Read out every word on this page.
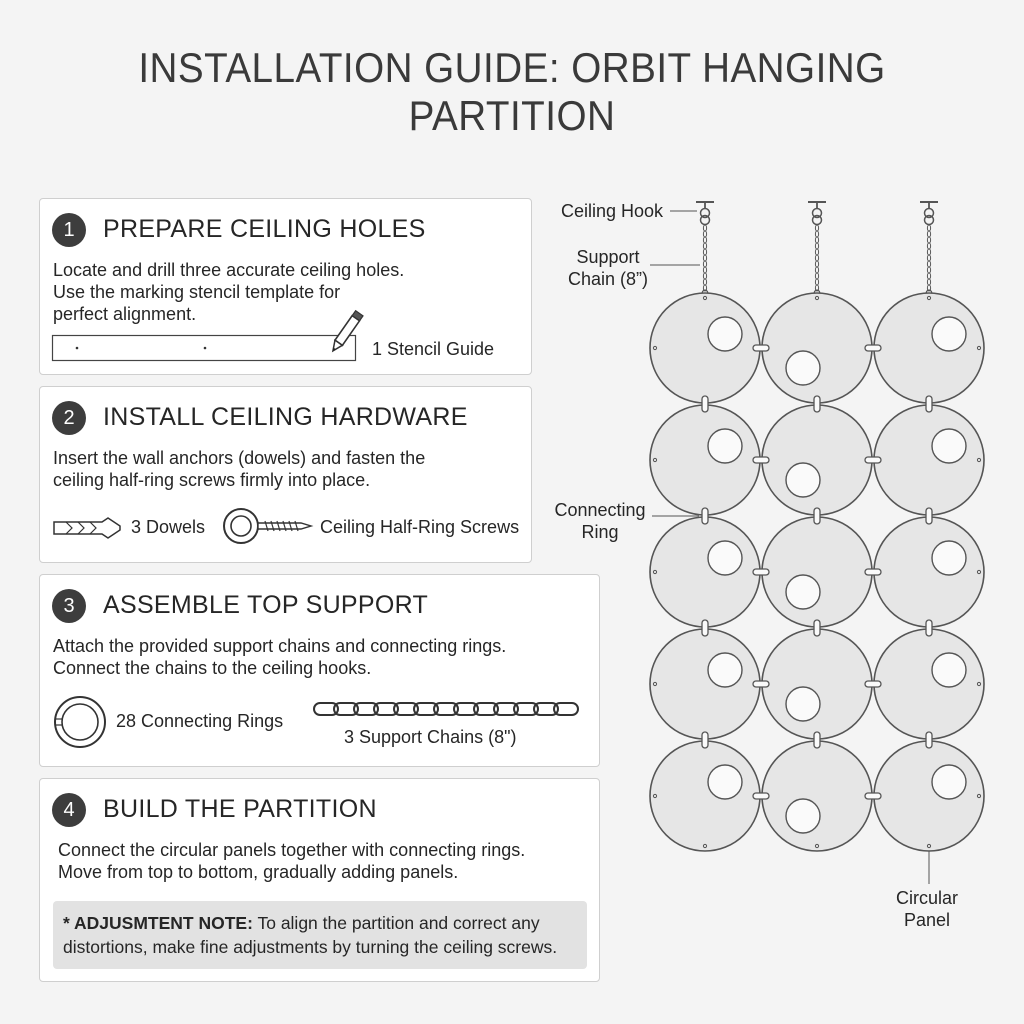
INSTALLATION GUIDE: ORBIT HANGING PARTITION
1	PREPARE CEILING HOLES
Locate and drill three accurate ceiling holes.
Use the marking stencil template for
perfect alignment.
1 Stencil Guide
2	INSTALL CEILING HARDWARE
Insert the wall anchors (dowels) and fasten the
ceiling half-ring screws firmly into place.
3 Dowels	Ceiling Half-Ring Screws
3	ASSEMBLE TOP SUPPORT
Attach the provided support chains and connecting rings.
Connect the chains to the ceiling hooks.
28 Connecting Rings
3 Support Chains (8")
4	BUILD THE PARTITION
Connect the circular panels together with connecting rings.
Move from top to bottom, gradually adding panels.
* ADJUSMTENT NOTE: To align the partition and correct any distortions, make fine adjustments by turning the ceiling screws.
Ceiling Hook
Support
Chain (8”)
Connecting
Ring
Circular
Panel
